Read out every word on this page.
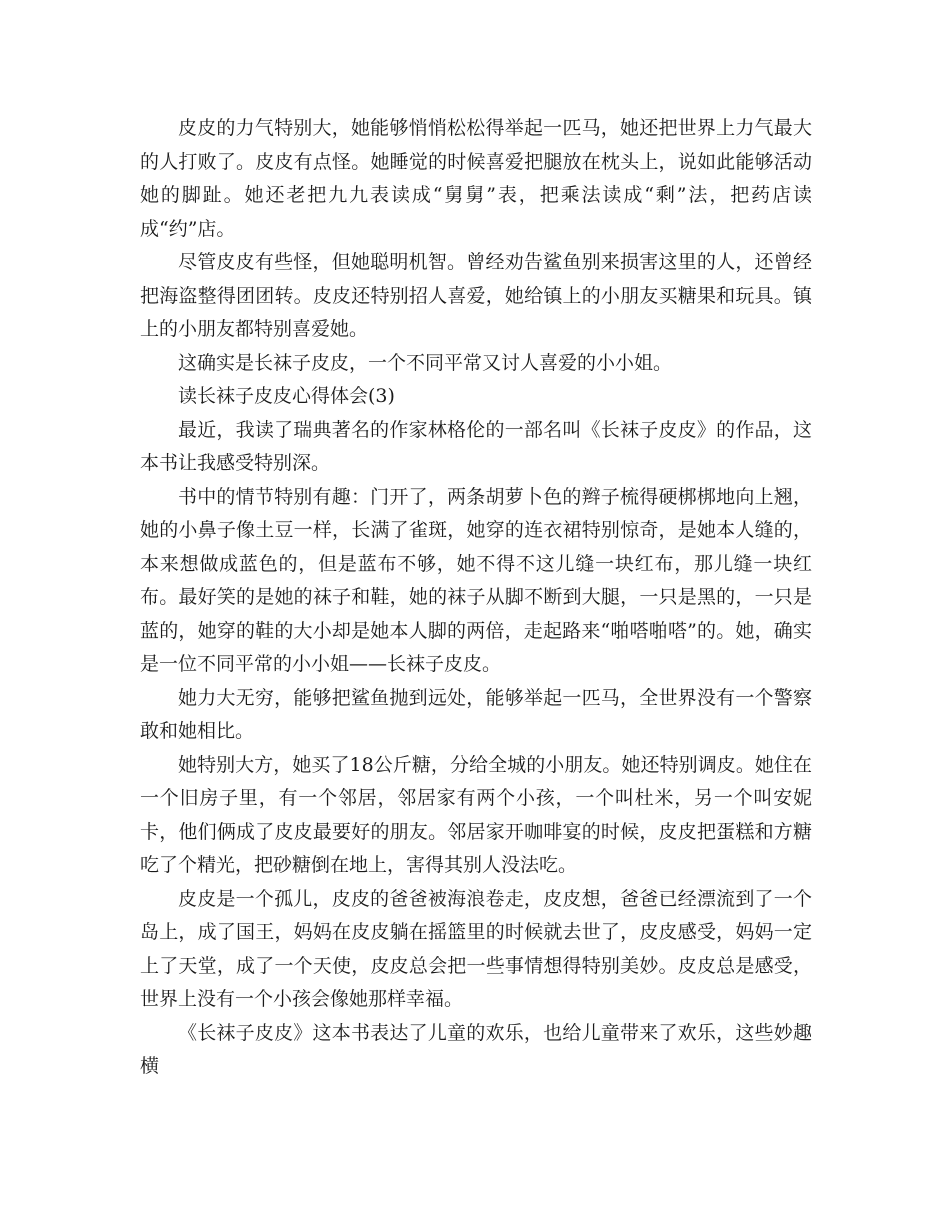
皮皮的力气特别大，她能够悄悄松松得举起一匹马，她还把世界上力气最大的人打败了。皮皮有点怪。她睡觉的时候喜爱把腿放在枕头上，说如此能够活动她的脚趾。她还老把九九表读成“舅舅”表，把乘法读成“剩”法，把药店读成“约”店。

尽管皮皮有些怪，但她聪明机智。曾经劝告鲨鱼别来损害这里的人，还曾经把海盗整得团团转。皮皮还特别招人喜爱，她给镇上的小朋友买糖果和玩具。镇上的小朋友都特别喜爱她。

这确实是长袜子皮皮，一个不同平常又讨人喜爱的小小姐。

读长袜子皮皮心得体会(3)

最近，我读了瑞典著名的作家林格伦的一部名叫《长袜子皮皮》的作品，这本书让我感受特别深。

书中的情节特别有趣：门开了，两条胡萝卜色的辫子梳得硬梆梆地向上翘，她的小鼻子像土豆一样，长满了雀斑，她穿的连衣裙特别惊奇，是她本人缝的，本来想做成蓝色的，但是蓝布不够，她不得不这儿缝一块红布，那儿缝一块红布。最好笑的是她的袜子和鞋，她的袜子从脚不断到大腿，一只是黑的，一只是蓝的，她穿的鞋的大小却是她本人脚的两倍，走起路来“啪嗒啪嗒”的。她，确实是一位不同平常的小小姐——长袜子皮皮。

她力大无穷，能够把鲨鱼抛到远处，能够举起一匹马，全世界没有一个警察敢和她相比。

她特别大方，她买了18公斤糖，分给全城的小朋友。她还特别调皮。她住在一个旧房子里，有一个邻居，邻居家有两个小孩，一个叫杜米，另一个叫安妮卡，他们俩成了皮皮最要好的朋友。邻居家开咖啡宴的时候，皮皮把蛋糕和方糖吃了个精光，把砂糖倒在地上，害得其别人没法吃。

皮皮是一个孤儿，皮皮的爸爸被海浪卷走，皮皮想，爸爸已经漂流到了一个岛上，成了国王，妈妈在皮皮躺在摇篮里的时候就去世了，皮皮感受，妈妈一定上了天堂，成了一个天使，皮皮总会把一些事情想得特别美妙。皮皮总是感受，世界上没有一个小孩会像她那样幸福。

《长袜子皮皮》这本书表达了儿童的欢乐，也给儿童带来了欢乐，这些妙趣横
